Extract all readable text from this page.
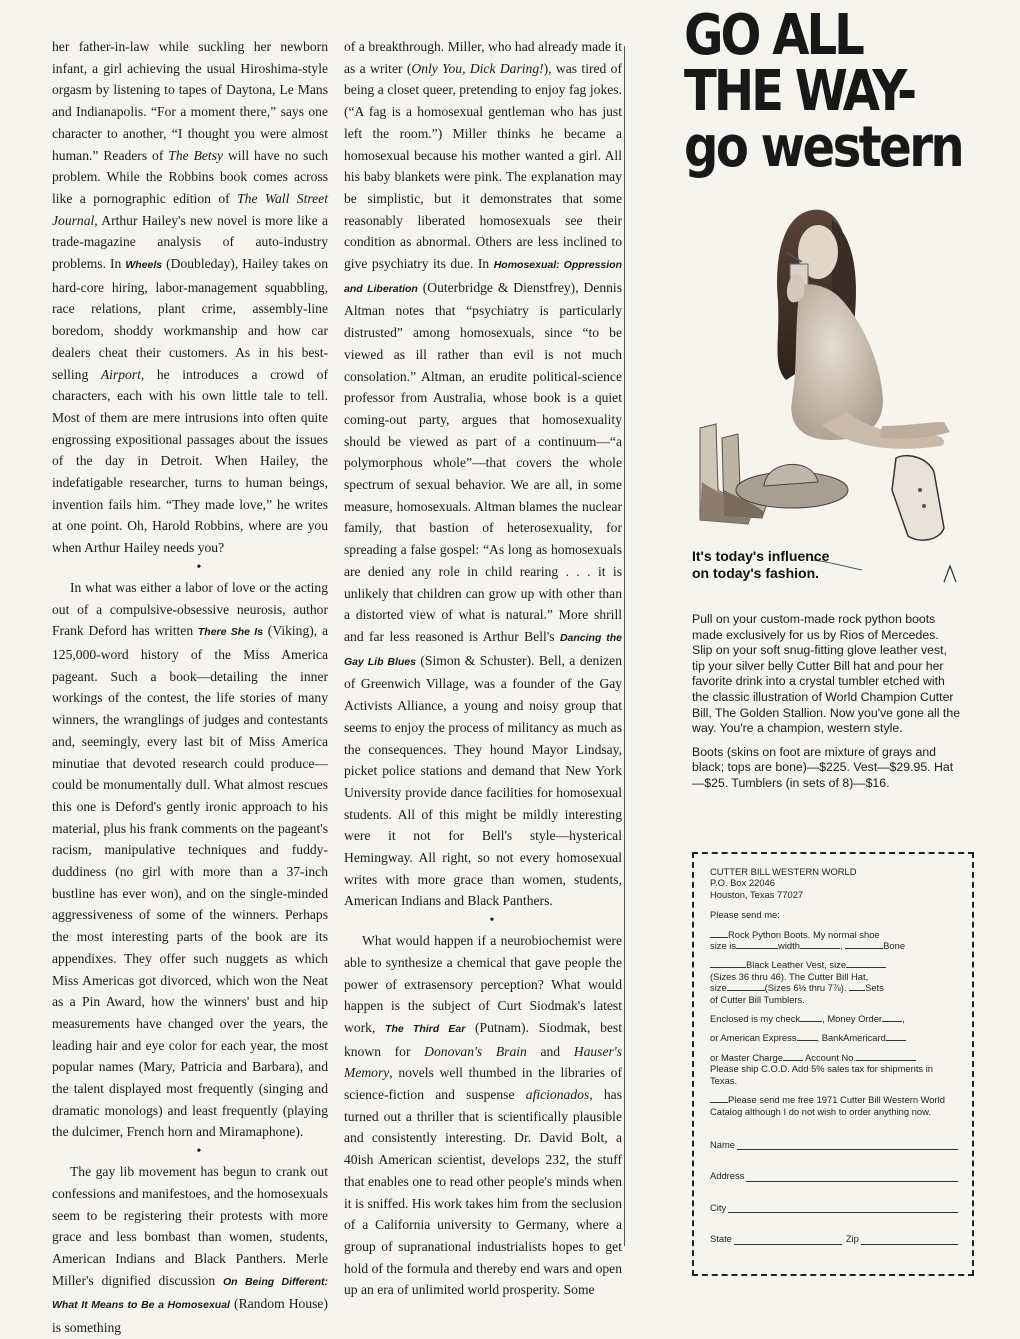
her father-in-law while suckling her newborn infant, a girl achieving the usual Hiroshima-style orgasm by listening to tapes of Daytona, Le Mans and Indianapolis. “For a moment there,” says one character to another, “I thought you were almost human.” Readers of The Betsy will have no such problem. While the Robbins book comes across like a pornographic edition of The Wall Street Journal, Arthur Hailey's new novel is more like a trade-magazine analysis of auto-industry problems. In Wheels (Doubleday), Hailey takes on hard-core hiring, labor-management squabbling, race relations, plant crime, assembly-line boredom, shoddy workmanship and how car dealers cheat their customers. As in his best-selling Airport, he introduces a crowd of characters, each with his own little tale to tell. Most of them are mere intrusions into often quite engrossing expositional passages about the issues of the day in Detroit. When Hailey, the indefatigable researcher, turns to human beings, invention fails him. “They made love,” he writes at one point. Oh, Harold Robbins, where are you when Arthur Hailey needs you?

•

In what was either a labor of love or the acting out of a compulsive-obsessive neurosis, author Frank Deford has written There She Is (Viking), a 125,000-word history of the Miss America pageant. Such a book—detailing the inner workings of the contest, the life stories of many winners, the wranglings of judges and contestants and, seemingly, every last bit of Miss America minutiae that devoted research could produce—could be monumentally dull. What almost rescues this one is Deford's gently ironic approach to his material, plus his frank comments on the pageant's racism, manipulative techniques and fuddy-duddiness (no girl with more than a 37-inch bustline has ever won), and on the single-minded aggressiveness of some of the winners. Perhaps the most interesting parts of the book are its appendixes. They offer such nuggets as which Miss Americas got divorced, which won the Neat as a Pin Award, how the winners' bust and hip measurements have changed over the years, the leading hair and eye color for each year, the most popular names (Mary, Patricia and Barbara), and the talent displayed most frequently (singing and dramatic monologs) and least frequently (playing the dulcimer, French horn and Miramaphone).

•

The gay lib movement has begun to crank out confessions and manifestoes, and the homosexuals seem to be registering their protests with more grace and less bombast than women, students, American Indians and Black Panthers. Merle Miller's dignified discussion On Being Different: What It Means to Be a Homosexual (Random House) is something

of a breakthrough. Miller, who had already made it as a writer (Only You, Dick Daring!), was tired of being a closet queer, pretending to enjoy fag jokes. (“A fag is a homosexual gentleman who has just left the room.”) Miller thinks he became a homosexual because his mother wanted a girl. All his baby blankets were pink. The explanation may be simplistic, but it demonstrates that some reasonably liberated homosexuals see their condition as abnormal. Others are less inclined to give psychiatry its due. In Homosexual: Oppression and Liberation (Outerbridge & Dienstfrey), Dennis Altman notes that “psychiatry is particularly distrusted” among homosexuals, since “to be viewed as ill rather than evil is not much consolation.” Altman, an erudite political-science professor from Australia, whose book is a quiet coming-out party, argues that homosexuality should be viewed as part of a continuum—“a polymorphous whole”—that covers the whole spectrum of sexual behavior. We are all, in some measure, homosexuals. Altman blames the nuclear family, that bastion of heterosexuality, for spreading a false gospel: “As long as homosexuals are denied any role in child rearing . . . it is unlikely that children can grow up with other than a distorted view of what is natural.” More shrill and far less reasoned is Arthur Bell's Dancing the Gay Lib Blues (Simon & Schuster). Bell, a denizen of Greenwich Village, was a founder of the Gay Activists Alliance, a young and noisy group that seems to enjoy the process of militancy as much as the consequences. They hound Mayor Lindsay, picket police stations and demand that New York University provide dance facilities for homosexual students. All of this might be mildly interesting were it not for Bell's style—hysterical Hemingway. All right, so not every homosexual writes with more grace than women, students, American Indians and Black Panthers.

•

What would happen if a neurobiochemist were able to synthesize a chemical that gave people the power of extrasensory perception? What would happen is the subject of Curt Siodmak's latest work, The Third Ear (Putnam). Siodmak, best known for Donovan's Brain and Hauser's Memory, novels well thumbed in the libraries of science-fiction and suspense aficionados, has turned out a thriller that is scientifically plausible and consistently interesting. Dr. David Bolt, a 40ish American scientist, develops 232, the stuff that enables one to read other people's minds when it is sniffed. His work takes him from the seclusion of a California university to Germany, where a group of supranational industrialists hopes to get hold of the formula and thereby end wars and open up an era of unlimited world prosperity. Some

GO ALL
THE WAY-
go western
It's today's influence on today's fashion.

Pull on your custom-made rock python boots made exclusively for us by Rios of Mercedes. Slip on your soft snug-fitting glove leather vest, tip your silver belly Cutter Bill hat and pour her favorite drink into a crystal tumbler etched with the classic illustration of World Champion Cutter Bill, The Golden Stallion. Now you've gone all the way. You're a champion, western style.

Boots (skins on foot are mixture of grays and black; tops are bone)—$225. Vest—$29.95. Hat—$25. Tumblers (in sets of 8)—$16.

CUTTER BILL WESTERN WORLD
P.O. Box 22046
Houston, Texas 77027
Please send me:
Rock Python Boots. My normal shoe
size is	width	,	Bone
Black Leather Vest, size
(Sizes 36 thru 46). The Cutter Bill Hat,
size	(Sizes 6½ thru 7⅞). Sets
of Cutter Bill Tumblers.
Enclosed is my check , Money Order ,
or American Express , BankAmericard
or Master Charge Account No.
Please ship C.O.D. Add 5% sales tax for shipments in Texas.
Please send me free 1971 Cutter Bill Western World Catalog although I do not wish to order anything now.
Name
Address
City
State	Zip
